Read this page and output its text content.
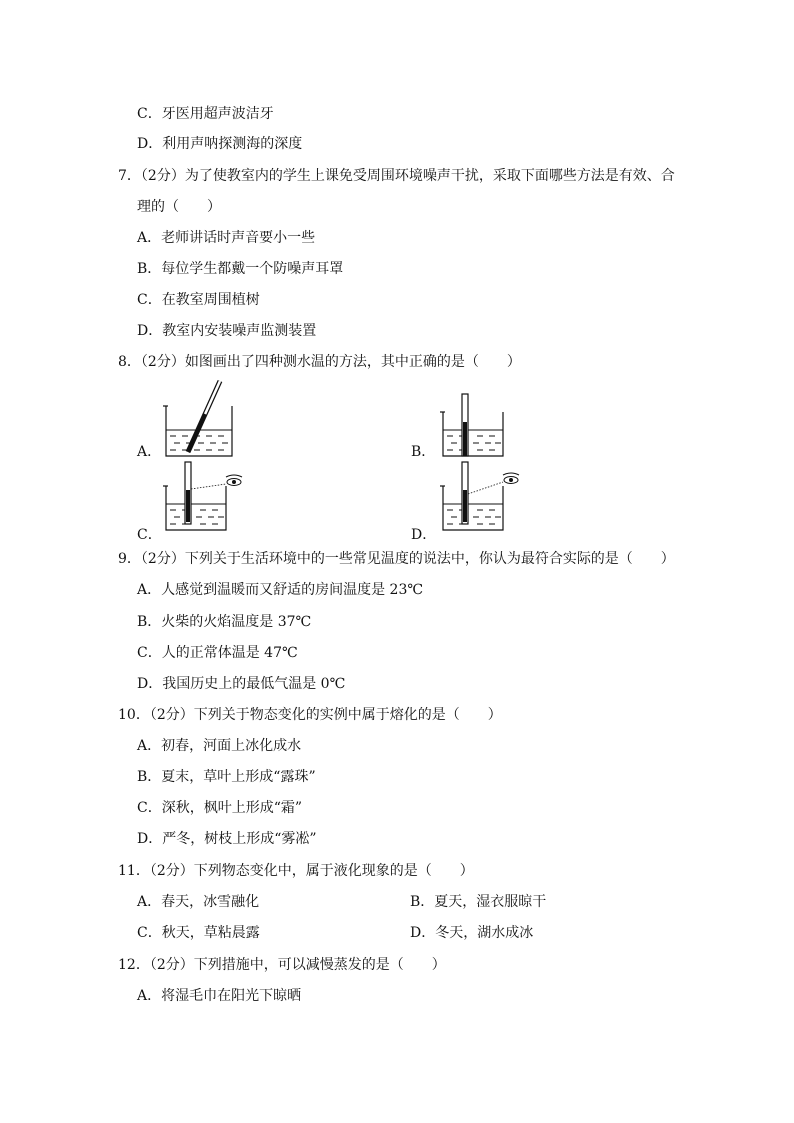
C．牙医用超声波洁牙
D．利用声呐探测海的深度
7．（2分）为了使教室内的学生上课免受周围环境噪声干扰，采取下面哪些方法是有效、合
理的（　　）
A．老师讲话时声音要小一些
B．每位学生都戴一个防噪声耳罩
C．在教室周围植树
D．教室内安装噪声监测装置
8．（2分）如图画出了四种测水温的方法，其中正确的是（　　）
A．	B．
C．	D．
9．（2分）下列关于生活环境中的一些常见温度的说法中，你认为最符合实际的是（　　）
A．人感觉到温暖而又舒适的房间温度是 23℃
B．火柴的火焰温度是 37℃
C．人的正常体温是 47℃
D．我国历史上的最低气温是 0℃
10．（2分）下列关于物态变化的实例中属于熔化的是（　　）
A．初春，河面上冰化成水
B．夏末，草叶上形成“露珠”
C．深秋，枫叶上形成“霜”
D．严冬，树枝上形成“雾凇”
11．（2分）下列物态变化中，属于液化现象的是（　　）
A．春天，冰雪融化	B．夏天，湿衣服晾干
C．秋天，草粘晨露	D．冬天，湖水成冰
12．（2分）下列措施中，可以减慢蒸发的是（　　）
A．将湿毛巾在阳光下晾晒
